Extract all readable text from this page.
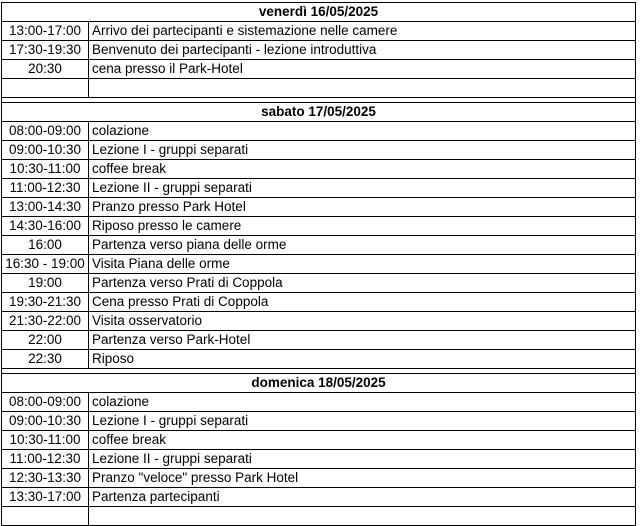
venerdì 16/05/2025
13:00-17:00 Arrivo dei partecipanti e sistemazione nelle camere
17:30-19:30 Benvenuto dei partecipanti - lezione introduttiva
20:30	cena presso il Park-Hotel
sabato 17/05/2025
08:00-09:00 colazione
09:00-10:30 Lezione I - gruppi separati
10:30-11:00 coffee break
11:00-12:30 Lezione II - gruppi separati
13:00-14:30 Pranzo presso Park Hotel
14:30-16:00 Riposo presso le camere
16:00	Partenza verso piana delle orme
16:30 - 19:00 Visita Piana delle orme
19:00	Partenza verso Prati di Coppola
19:30-21:30 Cena presso Prati di Coppola
21:30-22:00 Visita osservatorio
22:00	Partenza verso Park-Hotel
22:30	Riposo
domenica 18/05/2025
08:00-09:00 colazione
09:00-10:30 Lezione I - gruppi separati
10:30-11:00 coffee break
11:00-12:30 Lezione II - gruppi separati
12:30-13:30 Pranzo "veloce" presso Park Hotel
13:30-17:00 Partenza partecipanti
